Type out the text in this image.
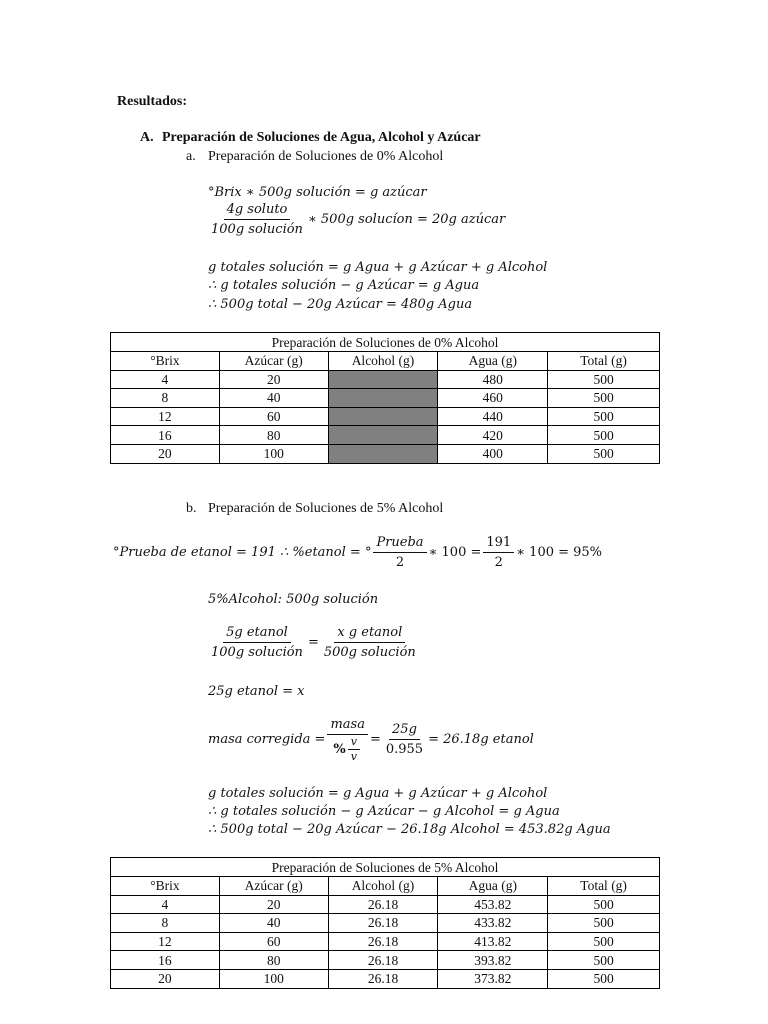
Resultados:
A. Preparación de Soluciones de Agua, Alcohol y Azúcar
a. Preparación de Soluciones de 0% Alcohol
°Brix ∗ 500g solución = g azúcar
$\frac{\text{4g soluto}}{\text{100g solución}}$ ∗ 500g solucíon = 20g azúcar
g totales solución = g Agua + g Azúcar + g Alcohol
∴ g totales solución − g Azúcar = g Agua
∴ 500g total − 20g Azúcar = 480g Agua
Preparación de Soluciones de 0% Alcohol				
°Brix	Azúcar (g)	Alcohol (g)	Agua (g)	Total (g)
4	20		480	500
8	40		460	500
12	60		440	500
16	80		420	500
20	100		400	500
b. Preparación de Soluciones de 5% Alcohol
°Prueba de etanol = 191 ∴ %etanol = ° $\frac{\text{Prueba}}{2}$ ∗ $100 = \frac{191}{2}$ ∗ 100 = 95%
5%Alcohol: 500g solución
$\frac{\text{5g etanol}}{\text{100g solución}} = \frac{\text{x g etanol}}{\text{500g solución}}$
25g etanol = x
masa corregida = $\frac{\text{masa}}{\% \frac{v}{v}} = \frac{25g}{0.955} = 26.18g$ etanol
g totales solución = g Agua + g Azúcar + g Alcohol
∴ g totales solución − g Azúcar − g Alcohol = g Agua
∴ 500g total − 20g Azúcar − 26.18g Alcohol = 453.82g Agua
Preparación de Soluciones de 5% Alcohol				
°Brix	Azúcar (g)	Alcohol (g)	Agua (g)	Total (g)
4	20	26.18	453.82	500
8	40	26.18	433.82	500
12	60	26.18	413.82	500
16	80	26.18	393.82	500
20	100	26.18	373.82	500
